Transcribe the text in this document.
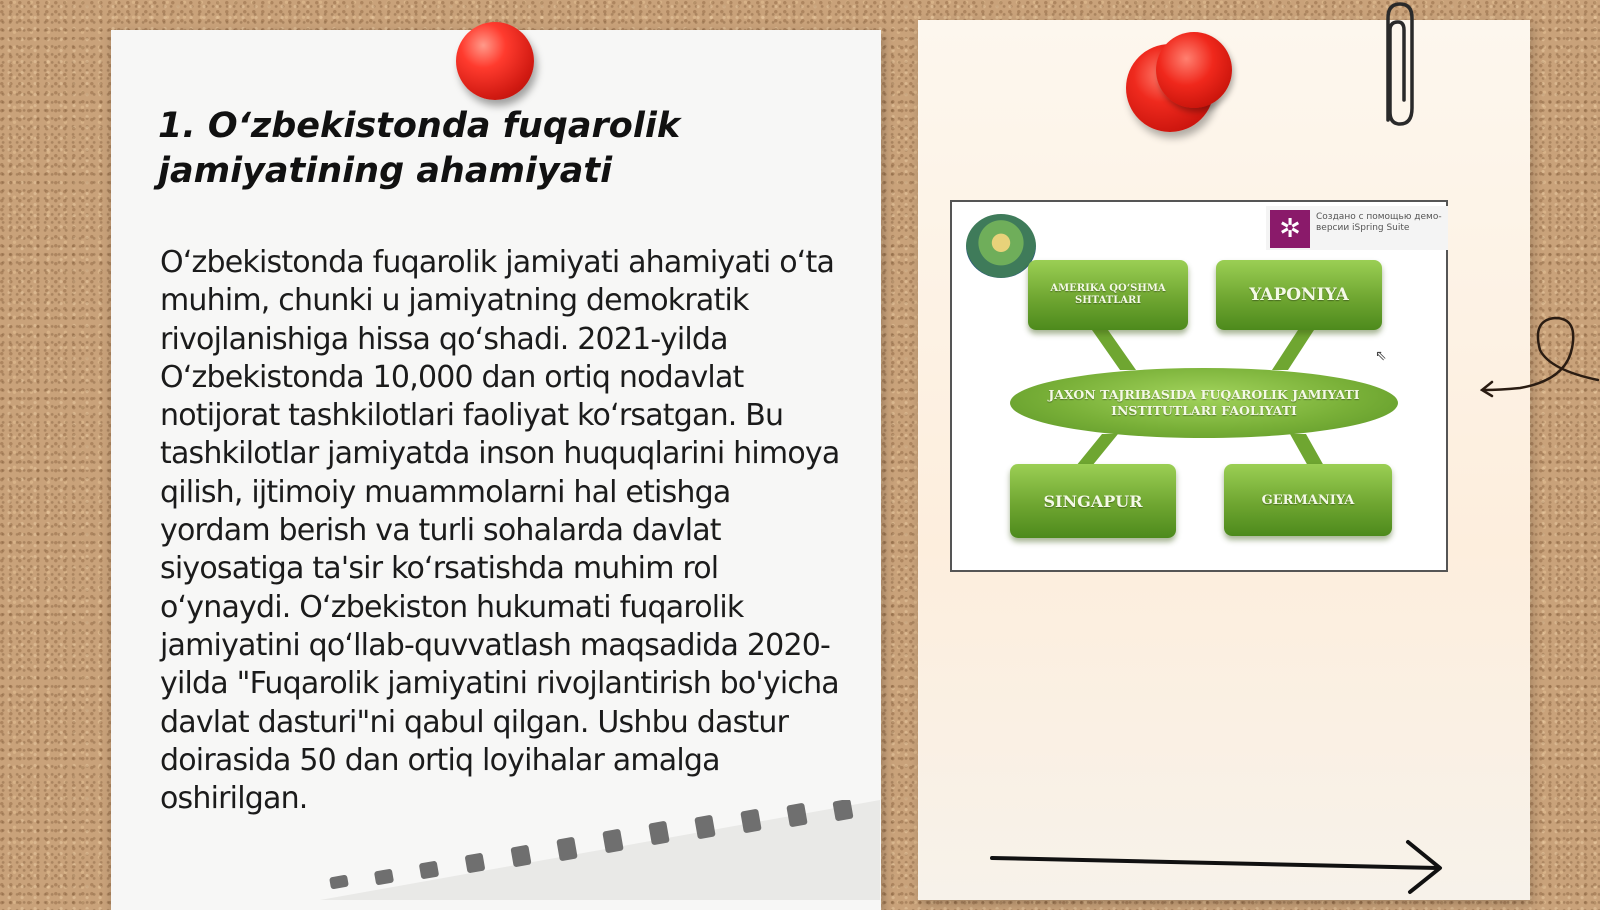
1. O‘zbekistonda fuqarolik jamiyatining ahamiyati

O‘zbekistonda fuqarolik jamiyati ahamiyati o‘ta muhim, chunki u jamiyatning demokratik rivojlanishiga hissa qo‘shadi. 2021-yilda O‘zbekistonda 10,000 dan ortiq nodavlat notijorat tashkilotlari faoliyat ko‘rsatgan. Bu tashkilotlar jamiyatda inson huquqlarini himoya qilish, ijtimoiy muammolarni hal etishga yordam berish va turli sohalarda davlat siyosatiga ta'sir ko‘rsatishda muhim rol o‘ynaydi. O‘zbekiston hukumati fuqarolik jamiyatini qo‘llab-quvvatlash maqsadida 2020-yilda "Fuqarolik jamiyatini rivojlantirish bo'yicha davlat dasturi"ni qabul qilgan. Ushbu dastur doirasida 50 dan ortiq loyihalar amalga oshirilgan.

✲	Создано с помощью демо-версии iSpring Suite
AMERIKA QO‘SHMA SHTATLARI	YAPONIYA
JAXON TAJRIBASIDA FUQAROLIK JAMIYATI INSTITUTLARI FAOLIYATI
SINGAPUR	GERMANIYA
⇖
